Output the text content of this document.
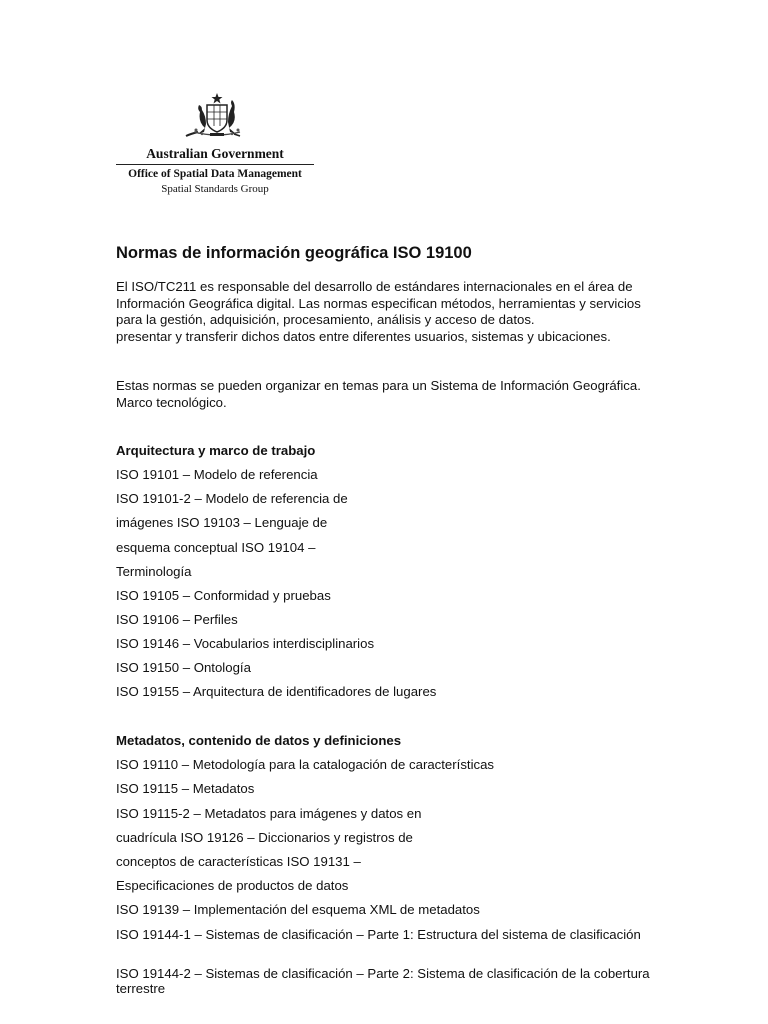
Australian Government
Office of Spatial Data Management
Spatial Standards Group
Normas de información geográfica ISO 19100
El ISO/TC211 es responsable del desarrollo de estándares internacionales en el área de Información Geográfica digital. Las normas especifican métodos, herramientas y servicios para la gestión, adquisición, procesamiento, análisis y acceso de datos.
presentar y transferir dichos datos entre diferentes usuarios, sistemas y ubicaciones.
Estas normas se pueden organizar en temas para un Sistema de Información Geográfica.
Marco tecnológico.
Arquitectura y marco de trabajo
ISO 19101 – Modelo de referencia
ISO 19101-2 – Modelo de referencia de
imágenes ISO 19103 – Lenguaje de
esquema conceptual ISO 19104 –
Terminología
ISO 19105 – Conformidad y pruebas
ISO 19106 – Perfiles
ISO 19146 – Vocabularios interdisciplinarios
ISO 19150 – Ontología
ISO 19155 – Arquitectura de identificadores de lugares
Metadatos, contenido de datos y definiciones
ISO 19110 – Metodología para la catalogación de características
ISO 19115 – Metadatos
ISO 19115-2 – Metadatos para imágenes y datos en
cuadrícula ISO 19126 – Diccionarios y registros de
conceptos de características ISO 19131 –
Especificaciones de productos de datos
ISO 19139 – Implementación del esquema XML de metadatos
ISO 19144-1 – Sistemas de clasificación – Parte 1: Estructura del sistema de clasificación
ISO 19144-2 – Sistemas de clasificación – Parte 2: Sistema de clasificación de la cobertura terrestre
